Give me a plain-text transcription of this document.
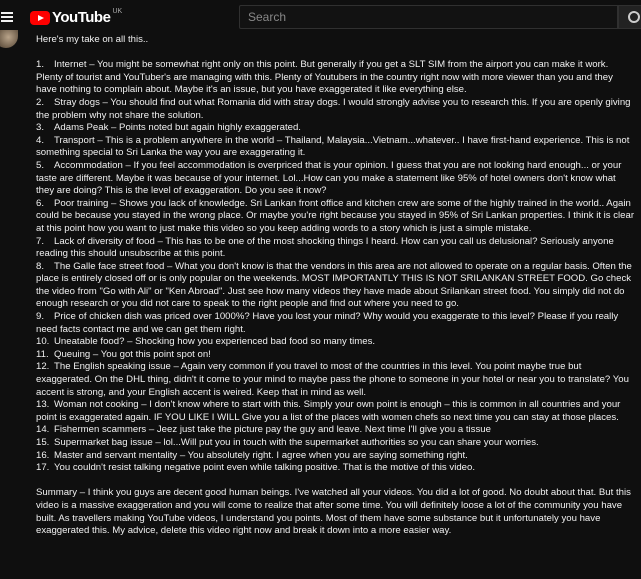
YouTube UK	Search

Here's my take on all this..

1. Internet – You might be somewhat right only on this point. But generally if you get a SLT SIM from the airport you can make it work. Plenty of tourist and YouTuber's are managing with this. Plenty of Youtubers in the country right now with more viewer than you and they have nothing to complain about. Maybe it's an issue, but you have exaggerated it like everything else.

2. Stray dogs – You should find out what Romania did with stray dogs. I would strongly advise you to research this. If you are openly giving the problem why not share the solution.

3. Adams Peak – Points noted but again highly exaggerated.

4. Transport – This is a problem anywhere in the world – Thailand, Malaysia...Vietnam...whatever.. I have first-hand experience. This is not something special to Sri Lanka the way you are exaggerating it.

5. Accommodation – If you feel accommodation is overpriced that is your opinion. I guess that you are not looking hard enough... or your taste are different. Maybe it was because of your internet. Lol...How can you make a statement like 95% of hotel owners don't know what they are doing? This is the level of exaggeration. Do you see it now?

6. Poor training – Shows you lack of knowledge. Sri Lankan front office and kitchen crew are some of the highly trained in the world.. Again could be because you stayed in the wrong place. Or maybe you're right because you stayed in 95% of Sri Lankan properties. I think it is clear at this point how you want to just make this video so you keep adding words to a story which is just a simple mistake.

7. Lack of diversity of food – This has to be one of the most shocking things I heard. How can you call us delusional? Seriously anyone reading this should unsubscribe at this point.

8. The Galle face street food – What you don't know is that the vendors in this area are not allowed to operate on a regular basis. Often the place is entirely closed off or is only popular on the weekends. MOST IMPORTANTLY THIS IS NOT SRILANKAN STREET FOOD. Go check the video from "Go with Ali" or "Ken Abroad". Just see how many videos they have made about Srilankan street food. You simply did not do enough research or you did not care to speak to the right people and find out where you need to go.

9. Price of chicken dish was priced over 1000%? Have you lost your mind? Why would you exaggerate to this level? Please if you really need facts contact me and we can get them right.

10. Uneatable food? – Shocking how you experienced bad food so many times.

11. Queuing – You got this point spot on!

12. The English speaking issue – Again very common if you travel to most of the countries in this level. You point maybe true but exaggerated. On the DHL thing, didn't it come to your mind to maybe pass the phone to someone in your hotel or near you to translate? You accent is strong, and your English accent is weired. Keep that in mind as well.

13. Woman not cooking – I don't know where to start with this. Simply your own point is enough – this is common in all countries and your point is exaggerated again. IF YOU LIKE I WILL Give you a list of the places with women chefs so next time you can stay at those places.

14. Fishermen scammers – Jeez just take the picture pay the guy and leave. Next time I'll give you a tissue

15. Supermarket bag issue – lol...Will put you in touch with the supermarket authorities so you can share your worries.

16. Master and servant mentality – You absolutely right. I agree when you are saying something right.

17. You couldn't resist talking negative point even while talking positive. That is the motive of this video.

Summary – I think you guys are decent good human beings. I've watched all your videos. You did a lot of good. No doubt about that. But this video is a massive exaggeration and you will come to realize that after some time. You will definitely loose a lot of the community you have built. As travellers making YouTube videos, I understand you points. Most of them have some substance but it unfortunately you have exaggerated this. My advice, delete this video right now and break it down into a more easier way.
